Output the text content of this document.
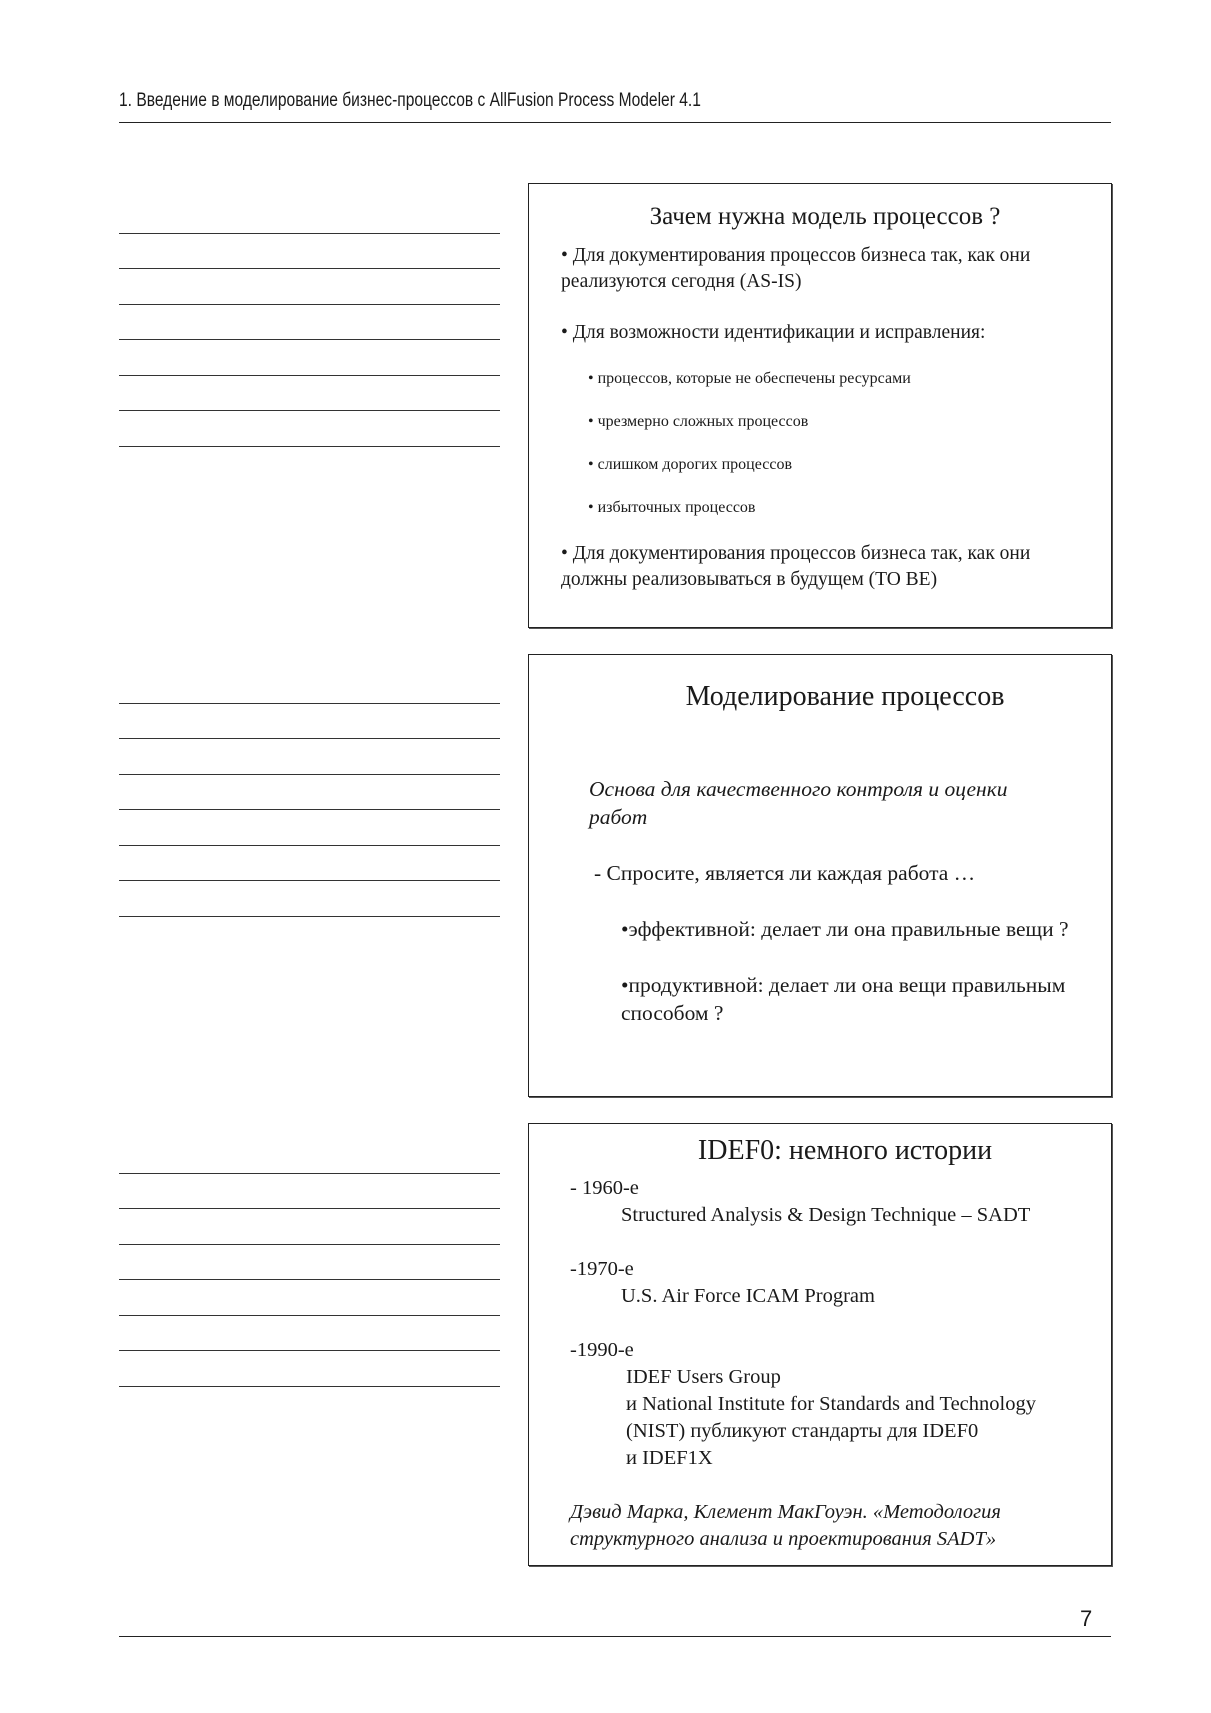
1. Введение в моделирование бизнес-процессов с AllFusion Process Modeler 4.1
Зачем нужна модель процессов ?

• Для документирования процессов бизнеса так, как они реализуются сегодня (AS-IS)

• Для возможности идентификации и исправления:

• процессов, которые не обеспечены ресурсами

• чрезмерно сложных процессов

• слишком дорогих процессов

• избыточных процессов

• Для документирования процессов бизнеса так, как они должны реализовываться в будущем (TO BE)

Моделирование процессов

Основа для качественного контроля и оценки работ

- Спросите, является ли каждая работа …

•эффективной: делает ли она правильные вещи ?

•продуктивной: делает ли она вещи правильным способом ?

IDEF0: немного истории

- 1960-е

Structured Analysis & Design Technique – SADT

-1970-е

U.S. Air Force ICAM Program

-1990-е

IDEF Users Group

и National Institute for Standards and Technology

(NIST) публикуют стандарты для IDEF0

и IDEF1X

Дэвид Марка, Клемент МакГоуэн. «Методология

структурного анализа и проектирования SADT»

7
